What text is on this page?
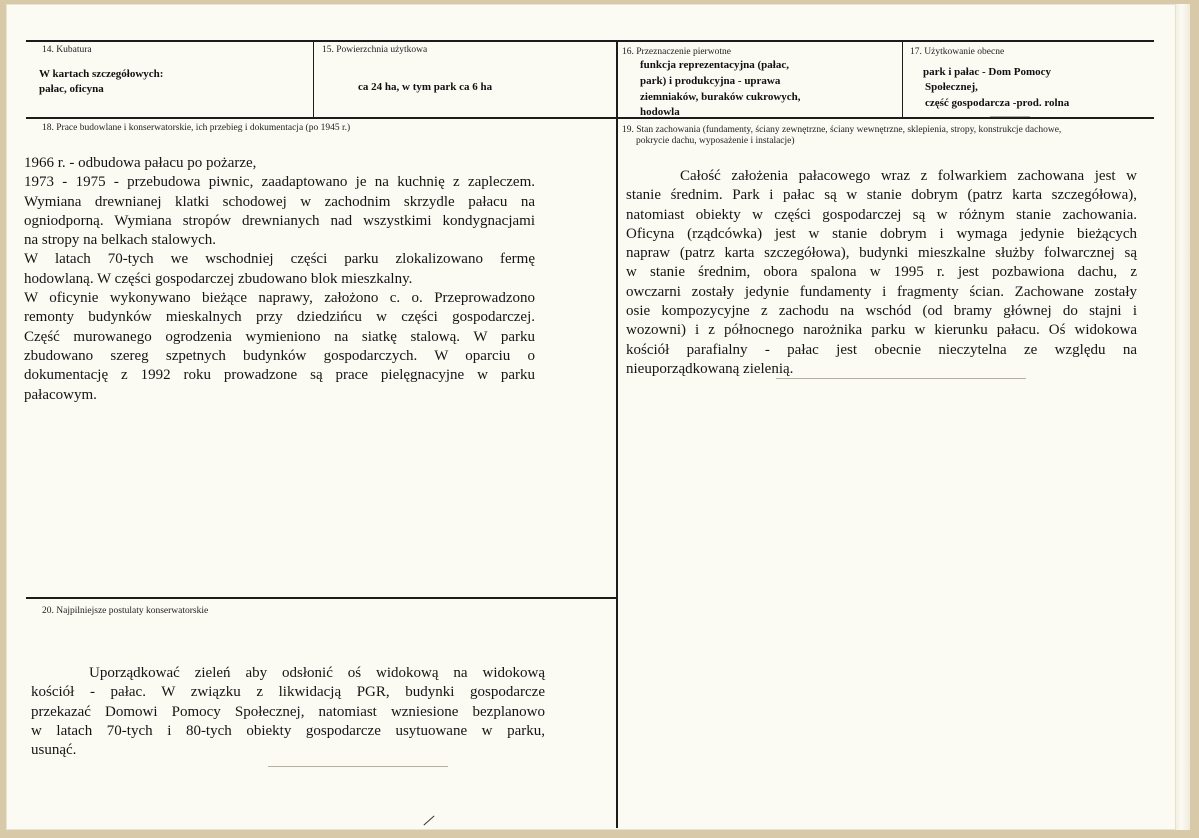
14. Kubatura
W kartach szczegółowych:
pałac, oficyna
15. Powierzchnia użytkowa
ca 24 ha, w tym park ca 6 ha
16. Przeznaczenie pierwotne
funkcja reprezentacyjna (pałac,
park) i produkcyjna - uprawa
ziemniaków, buraków cukrowych,
hodowla
17. Użytkowanie obecne
park i pałac - Dom Pomocy
Społecznej,
część gospodarcza -prod. rolna
18. Prace budowlane i konserwatorskie, ich przebieg i dokumentacja (po 1945 r.)
1966 r. - odbudowa pałacu po pożarze,
1973 - 1975 - przebudowa piwnic, zaadaptowano je na kuchnię z zapleczem.
Wymiana drewnianej klatki schodowej w zachodnim skrzydle pałacu na
ogniodporną. Wymiana stropów drewnianych nad wszystkimi kondygnacjami
na stropy na belkach stalowych.
W latach 70-tych we wschodniej części parku zlokalizowano fermę
hodowlaną. W części gospodarczej zbudowano blok mieszkalny.
W oficynie wykonywano bieżące naprawy, założono c. o. Przeprowadzono
remonty budynków mieskalnych przy dziedzińcu w części gospodarczej.
Część murowanego ogrodzenia wymieniono na siatkę stalową. W parku
zbudowano szereg szpetnych budynków gospodarczych. W oparciu o
dokumentację z 1992 roku prowadzone są prace pielęgnacyjne w parku
pałacowym.
19. Stan zachowania (fundamenty, ściany zewnętrzne, ściany wewnętrzne, sklepienia, stropy, konstrukcje dachowe,
pokrycie dachu, wyposażenie i instalacje)
Całość założenia pałacowego wraz z folwarkiem zachowana jest w
stanie średnim. Park i pałac są w stanie dobrym (patrz karta szczegółowa),
natomiast obiekty w części gospodarczej są w różnym stanie zachowania.
Oficyna (rządcówka) jest w stanie dobrym i wymaga jedynie bieżących
napraw (patrz karta szczegółowa), budynki mieszkalne służby folwarcznej są
w stanie średnim, obora spalona w 1995 r. jest pozbawiona dachu, z
owczarni zostały jedynie fundamenty i fragmenty ścian. Zachowane zostały
osie kompozycyjne z zachodu na wschód (od bramy głównej do stajni i
wozowni) i z północnego narożnika parku w kierunku pałacu. Oś widokowa
kościół parafialny - pałac jest obecnie nieczytelna ze względu na
nieuporządkowaną zielenią.
20. Najpilniejsze postulaty konserwatorskie
Uporządkować zieleń aby odsłonić oś widokową na widokową
kościół - pałac. W związku z likwidacją PGR, budynki gospodarcze
przekazać Domowi Pomocy Społecznej, natomiast wzniesione bezplanowo
w latach 70-tych i 80-tych obiekty gospodarcze usytuowane w parku,
usunąć.
